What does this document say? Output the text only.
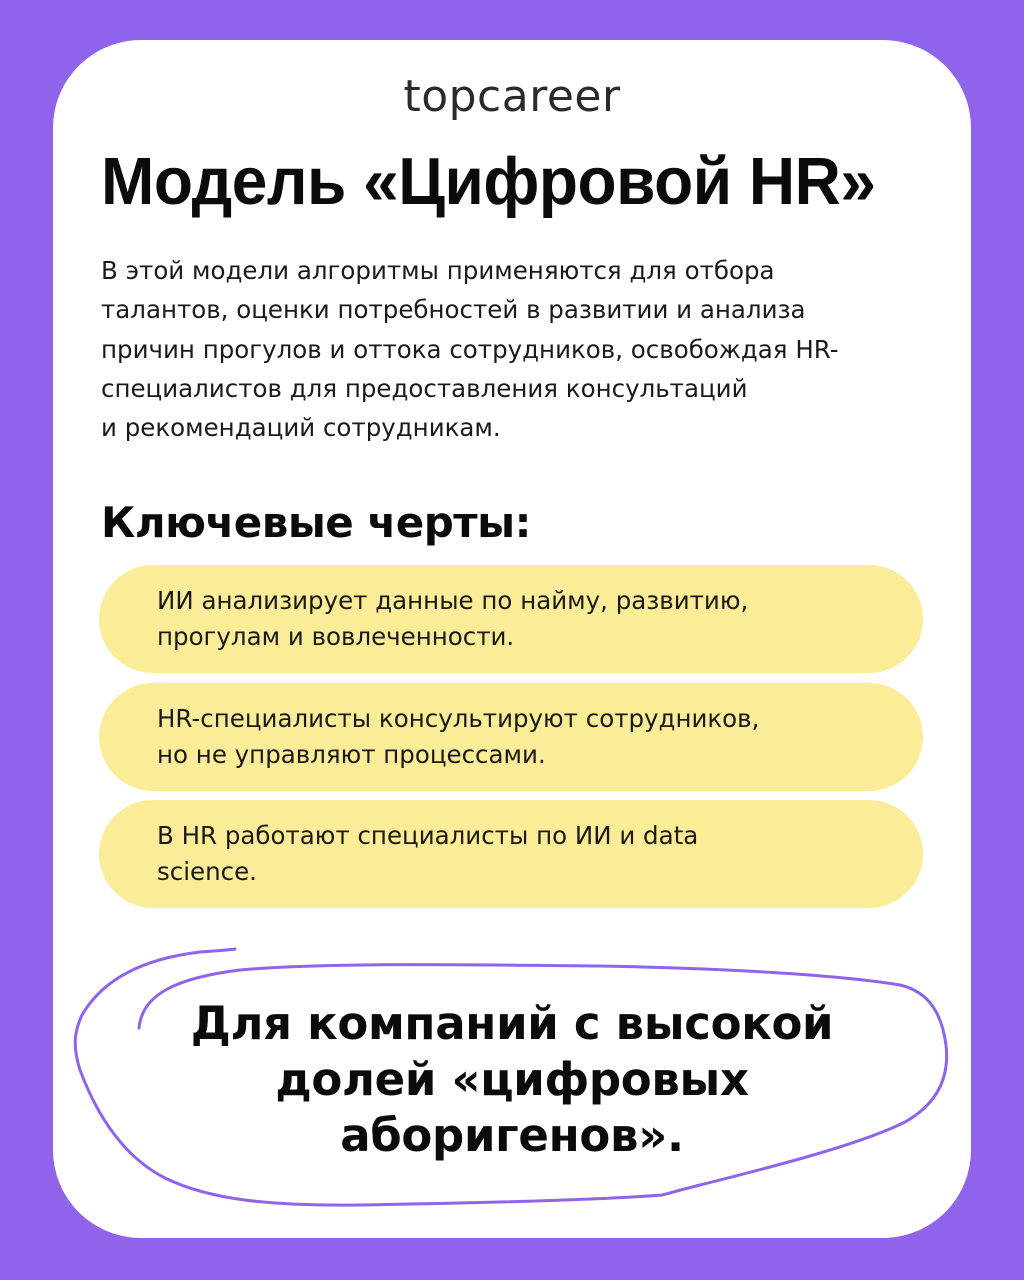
topcareer
Модель «Цифровой HR»

В этой модели алгоритмы применяются для отбора
талантов, оценки потребностей в развитии и анализа
причин прогулов и оттока сотрудников, освобождая HR-
специалистов для предоставления консультаций
и рекомендаций сотрудникам.

Ключевые черты:
ИИ анализирует данные по найму, развитию,
прогулам и вовлеченности.
HR-специалисты консультируют сотрудников,
но не управляют процессами.
В HR работают специалисты по ИИ и data
science.

Для компаний с высокой
долей «цифровых
аборигенов».
